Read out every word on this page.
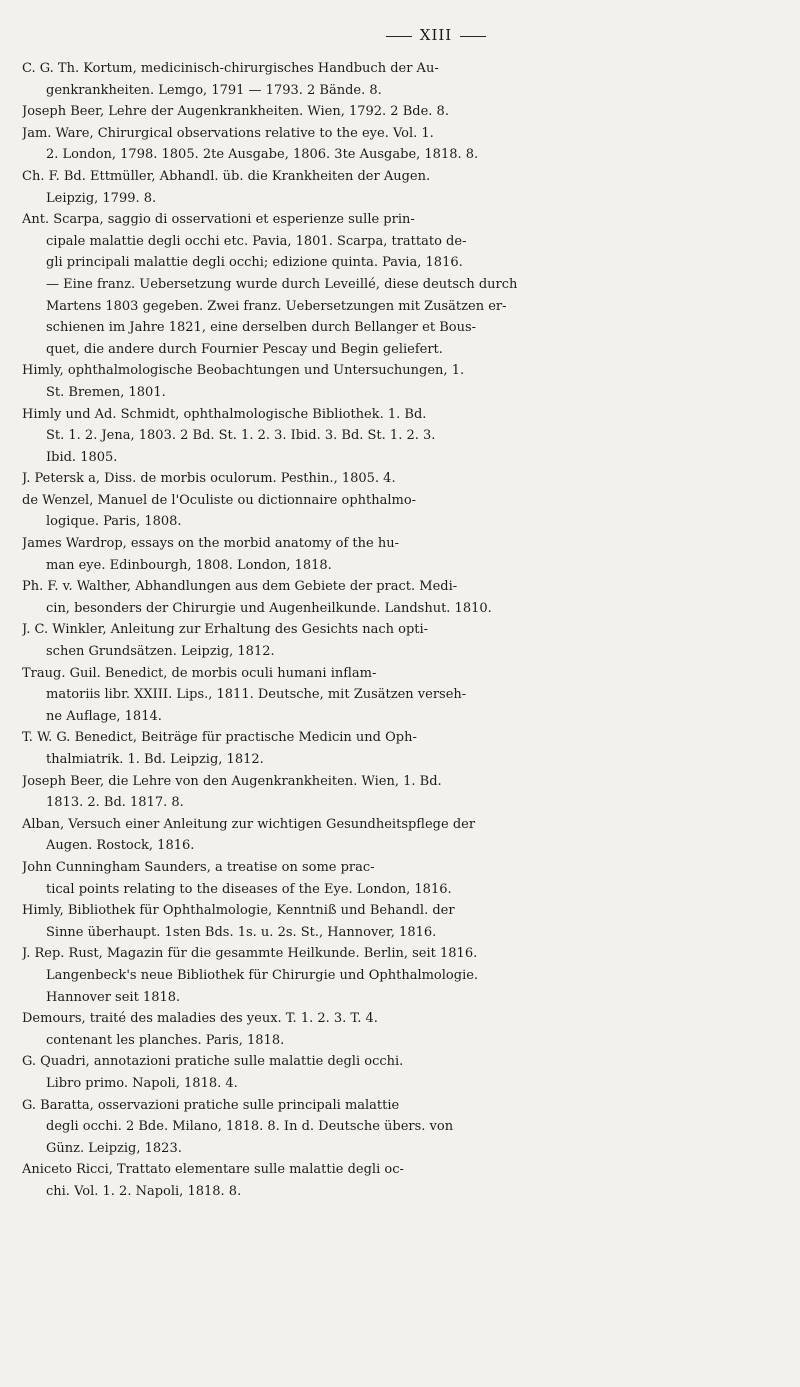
XIII
C. G. Th. Kortum, medicinisch-chirurgisches Handbuch der Au-
genkrankheiten. Lemgo, 1791 — 1793. 2 Bände. 8.
Joseph Beer, Lehre der Augenkrankheiten. Wien, 1792. 2 Bde. 8.
Jam. Ware, Chirurgical observations relative to the eye. Vol. 1.
2. London, 1798. 1805. 2te Ausgabe, 1806. 3te Ausgabe, 1818. 8.
Ch. F. Bd. Ettmüller, Abhandl. üb. die Krankheiten der Augen.
Leipzig, 1799. 8.
Ant. Scarpa, saggio di osservationi et esperienze sulle prin-
cipale malattie degli occhi etc. Pavia, 1801. Scarpa, trattato de-
gli principali malattie degli occhi; edizione quinta. Pavia, 1816.
— Eine franz. Uebersetzung wurde durch Leveillé, diese deutsch durch
Martens 1803 gegeben. Zwei franz. Uebersetzungen mit Zusätzen er-
schienen im Jahre 1821, eine derselben durch Bellanger et Bous-
quet, die andere durch Fournier Pescay und Begin geliefert.
Himly, ophthalmologische Beobachtungen und Untersuchungen, 1.
St. Bremen, 1801.
Himly und Ad. Schmidt, ophthalmologische Bibliothek. 1. Bd.
St. 1. 2. Jena, 1803. 2 Bd. St. 1. 2. 3. Ibid. 3. Bd. St. 1. 2. 3.
Ibid. 1805.
J. Petersk a, Diss. de morbis oculorum. Pesthin., 1805. 4.
de Wenzel, Manuel de l'Oculiste ou dictionnaire ophthalmo-
logique. Paris, 1808.
James Wardrop, essays on the morbid anatomy of the hu-
man eye. Edinbourgh, 1808. London, 1818.
Ph. F. v. Walther, Abhandlungen aus dem Gebiete der pract. Medi-
cin, besonders der Chirurgie und Augenheilkunde. Landshut. 1810.
J. C. Winkler, Anleitung zur Erhaltung des Gesichts nach opti-
schen Grundsätzen. Leipzig, 1812.
Traug. Guil. Benedict, de morbis oculi humani inflam-
matoriis libr. XXIII. Lips., 1811. Deutsche, mit Zusätzen verseh-
ne Auflage, 1814.
T. W. G. Benedict, Beiträge für practische Medicin und Oph-
thalmiatrik. 1. Bd. Leipzig, 1812.
Joseph Beer, die Lehre von den Augenkrankheiten. Wien, 1. Bd.
1813. 2. Bd. 1817. 8.
Alban, Versuch einer Anleitung zur wichtigen Gesundheitspflege der
Augen. Rostock, 1816.
John Cunningham Saunders, a treatise on some prac-
tical points relating to the diseases of the Eye. London, 1816.
Himly, Bibliothek für Ophthalmologie, Kenntniß und Behandl. der
Sinne überhaupt. 1sten Bds. 1s. u. 2s. St., Hannover, 1816.
J. Rep. Rust, Magazin für die gesammte Heilkunde. Berlin, seit 1816.
Langenbeck's neue Bibliothek für Chirurgie und Ophthalmologie.
Hannover seit 1818.
Demours, traité des maladies des yeux. T. 1. 2. 3. T. 4.
contenant les planches. Paris, 1818.
G. Quadri, annotazioni pratiche sulle malattie degli occhi.
Libro primo. Napoli, 1818. 4.
G. Baratta, osservazioni pratiche sulle principali malattie
degli occhi. 2 Bde. Milano, 1818. 8. In d. Deutsche übers. von
Günz. Leipzig, 1823.
Aniceto Ricci, Trattato elementare sulle malattie degli oc-
chi. Vol. 1. 2. Napoli, 1818. 8.
